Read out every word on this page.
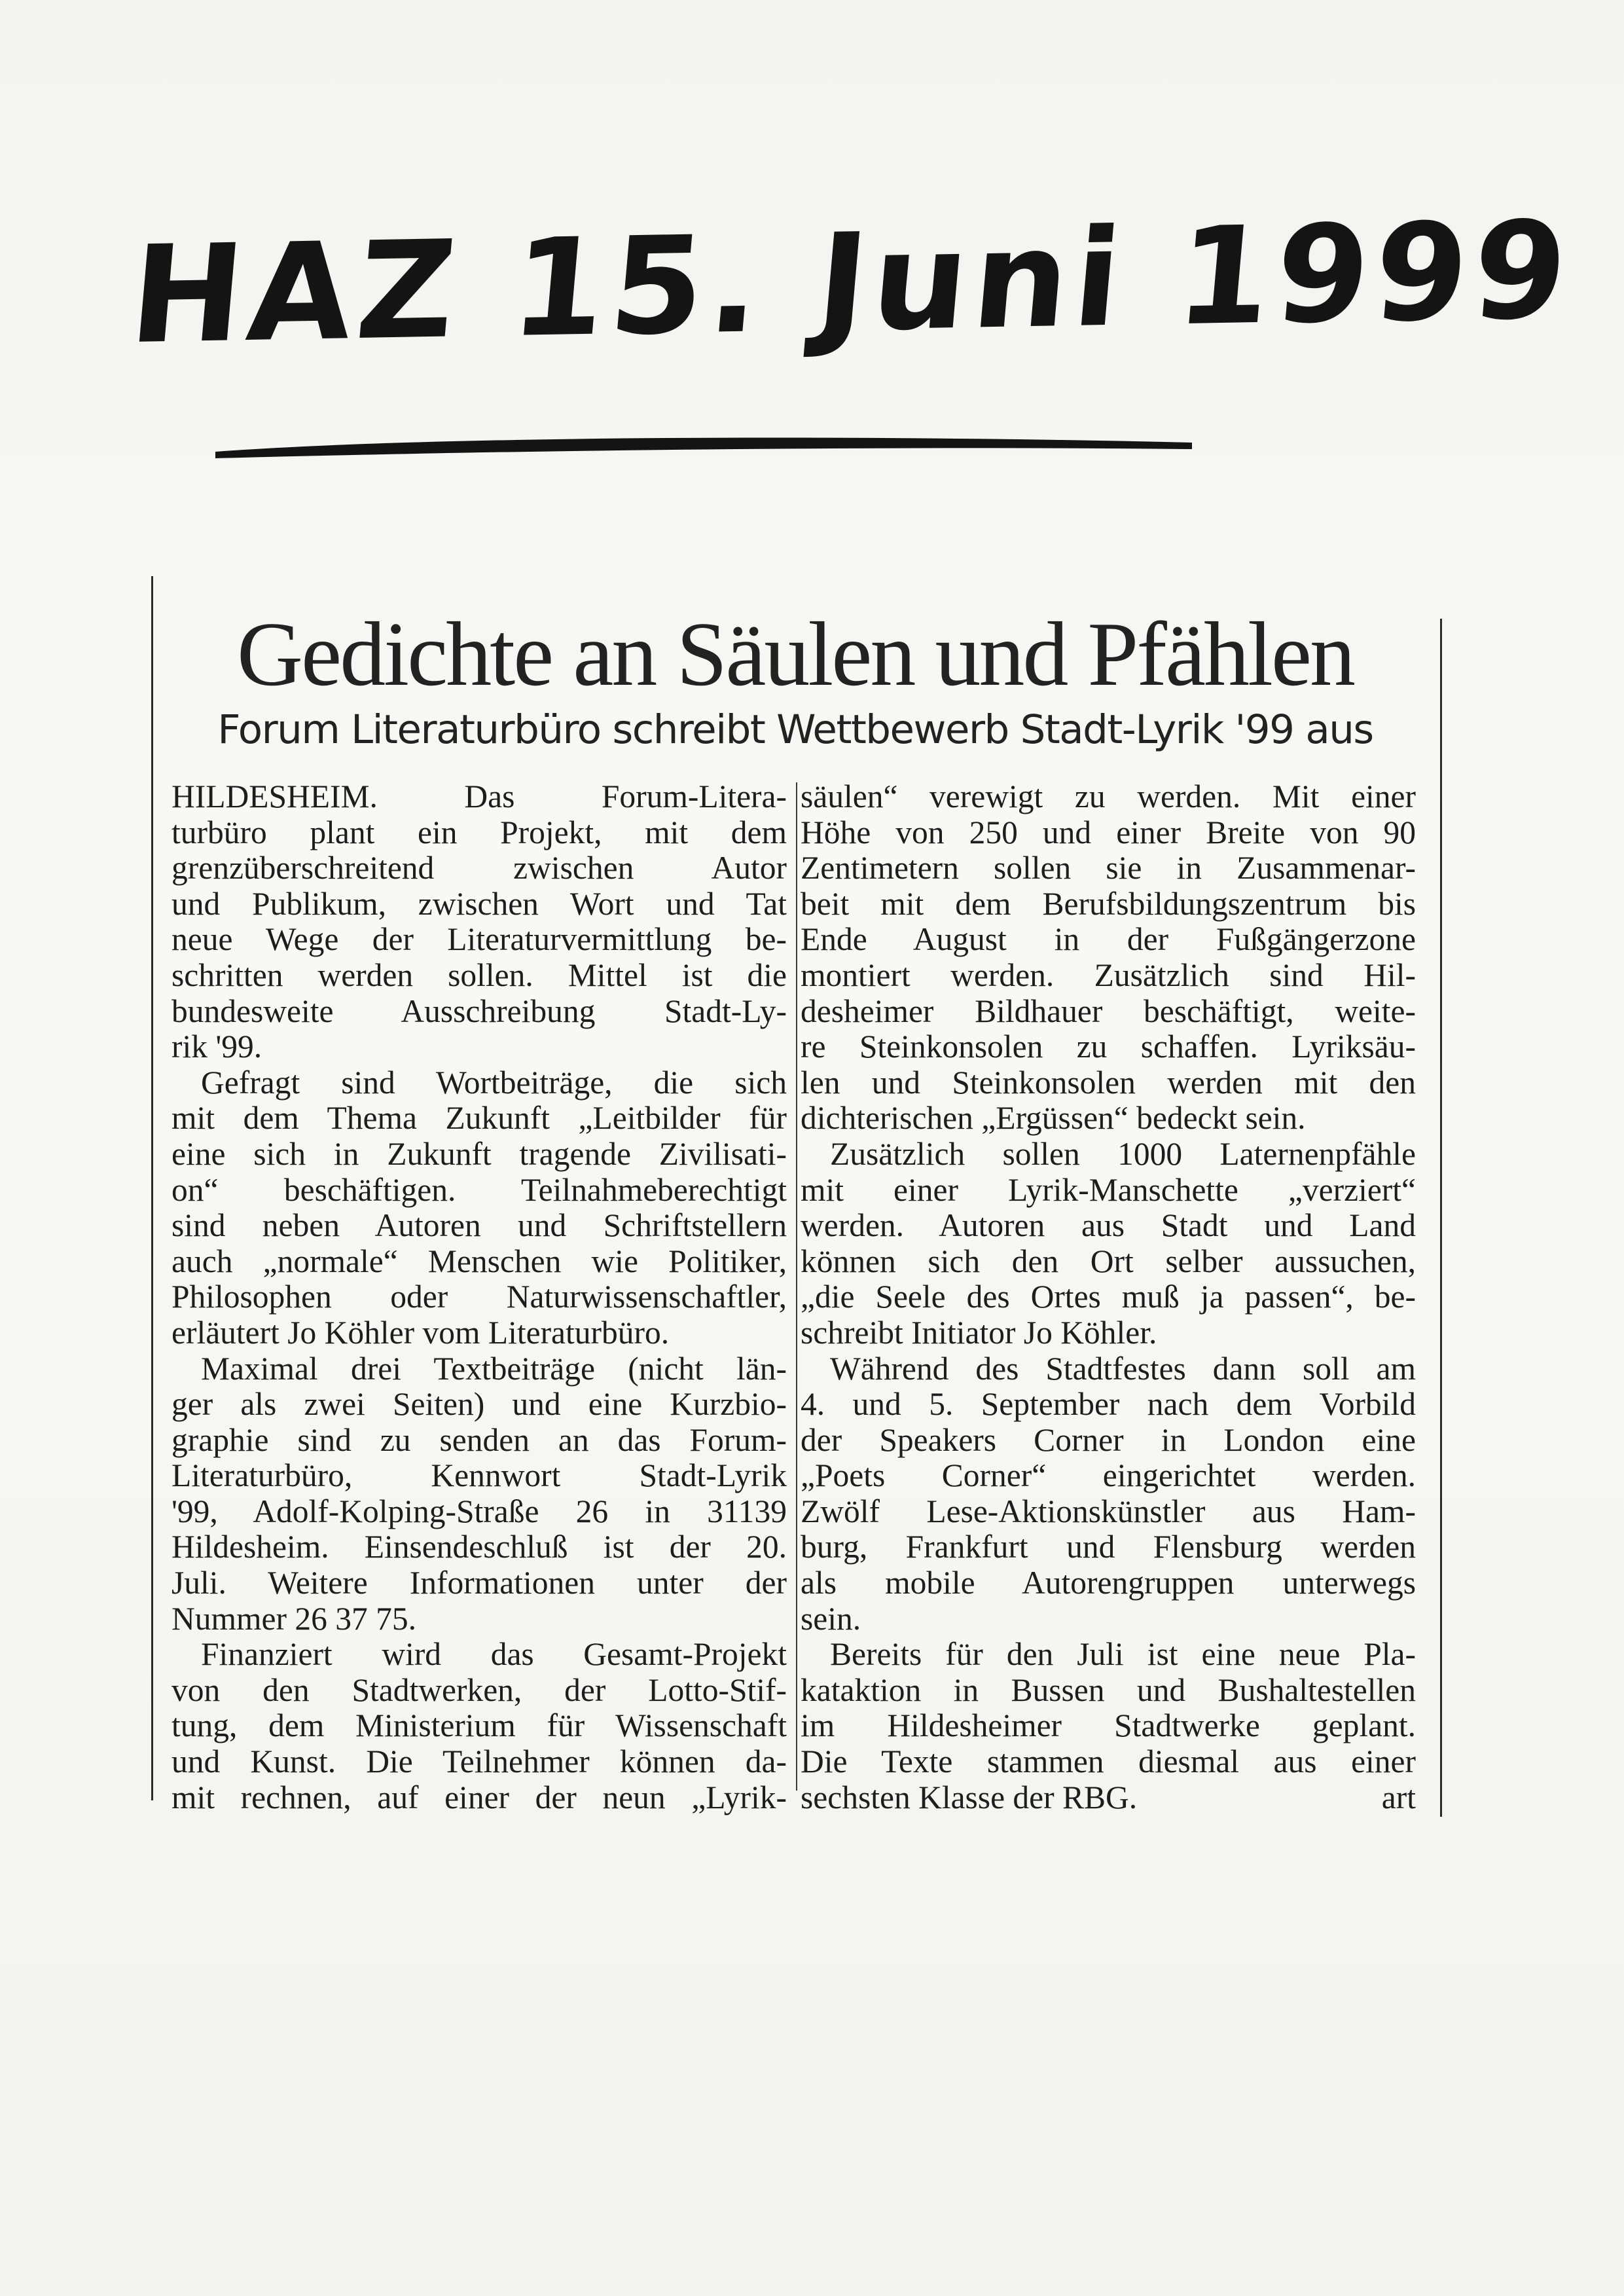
HAZ 15. Juni 1999
Gedichte an Säulen und Pfählen
Forum Literaturbüro schreibt Wettbewerb Stadt-Lyrik '99 aus
HILDESHEIM. Das Forum-Litera-
turbüro plant ein Projekt, mit dem
grenzüberschreitend zwischen Autor
und Publikum, zwischen Wort und Tat
neue Wege der Literaturvermittlung be-
schritten werden sollen. Mittel ist die
bundesweite Ausschreibung Stadt-Ly-
rik '99.
Gefragt sind Wortbeiträge, die sich
mit dem Thema Zukunft „Leitbilder für
eine sich in Zukunft tragende Zivilisati-
on“ beschäftigen. Teilnahmeberechtigt
sind neben Autoren und Schriftstellern
auch „normale“ Menschen wie Politiker,
Philosophen oder Naturwissenschaftler,
erläutert Jo Köhler vom Literaturbüro.
Maximal drei Textbeiträge (nicht län-
ger als zwei Seiten) und eine Kurzbio-
graphie sind zu senden an das Forum-
Literaturbüro, Kennwort Stadt-Lyrik
'99, Adolf-Kolping-Straße 26 in 31139
Hildesheim. Einsendeschluß ist der 20.
Juli. Weitere Informationen unter der
Nummer 26 37 75.
Finanziert wird das Gesamt-Projekt
von den Stadtwerken, der Lotto-Stif-
tung, dem Ministerium für Wissenschaft
und Kunst. Die Teilnehmer können da-
mit rechnen, auf einer der neun „Lyrik-
säulen“ verewigt zu werden. Mit einer
Höhe von 250 und einer Breite von 90
Zentimetern sollen sie in Zusammenar-
beit mit dem Berufsbildungszentrum bis
Ende August in der Fußgängerzone
montiert werden. Zusätzlich sind Hil-
desheimer Bildhauer beschäftigt, weite-
re Steinkonsolen zu schaffen. Lyriksäu-
len und Steinkonsolen werden mit den
dichterischen „Ergüssen“ bedeckt sein.
Zusätzlich sollen 1000 Laternenpfähle
mit einer Lyrik-Manschette „verziert“
werden. Autoren aus Stadt und Land
können sich den Ort selber aussuchen,
„die Seele des Ortes muß ja passen“, be-
schreibt Initiator Jo Köhler.
Während des Stadtfestes dann soll am
4. und 5. September nach dem Vorbild
der Speakers Corner in London eine
„Poets Corner“ eingerichtet werden.
Zwölf Lese-Aktionskünstler aus Ham-
burg, Frankfurt und Flensburg werden
als mobile Autorengruppen unterwegs
sein.
Bereits für den Juli ist eine neue Pla-
kataktion in Bussen und Bushaltestellen
im Hildesheimer Stadtwerke geplant.
Die Texte stammen diesmal aus einer
sechsten Klasse der RBG.	art
